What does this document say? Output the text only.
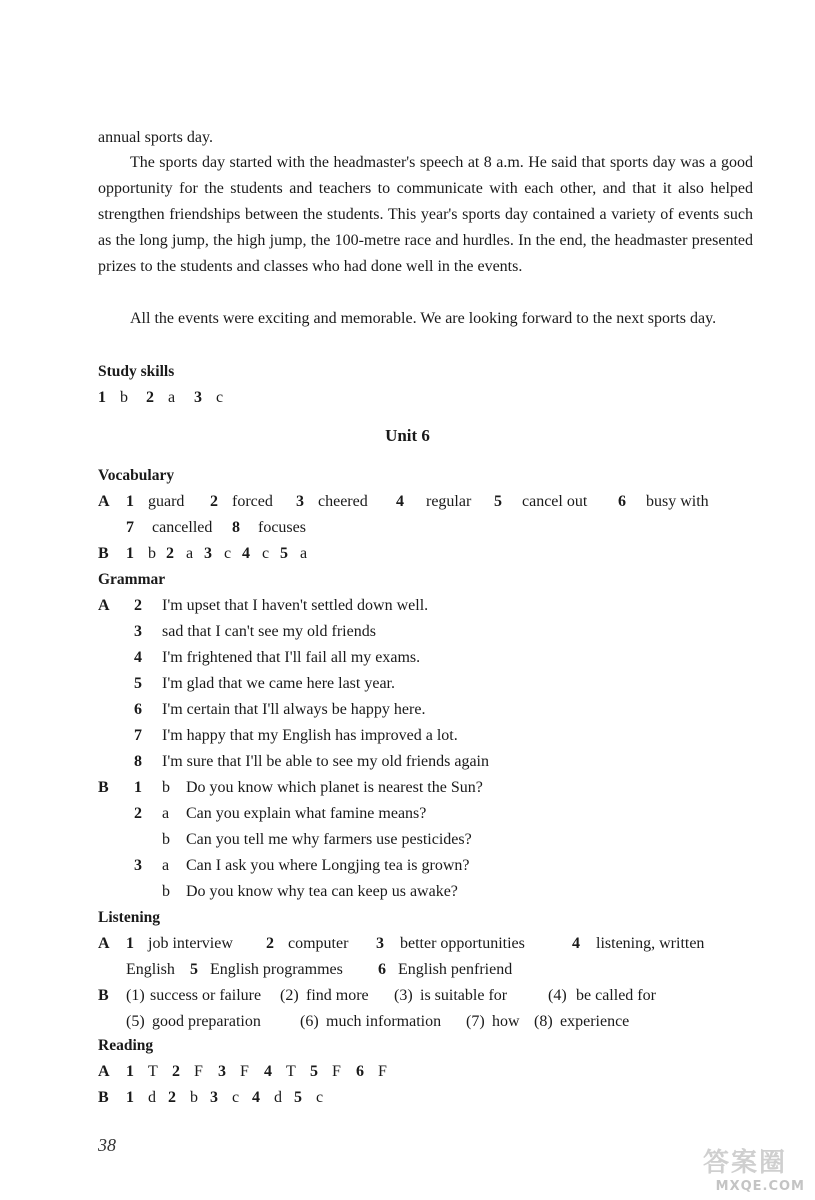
annual sports day.
The sports day started with the headmaster's speech at 8 a.m. He said that sports day was a good opportunity for the students and teachers to communicate with each other, and that it also helped strengthen friendships between the students. This year's sports day contained a variety of events such as the long jump, the high jump, the 100-metre race and hurdles. In the end, the headmaster presented prizes to the students and classes who had done well in the events.
All the events were exciting and memorable. We are looking forward to the next sports day.
Study skills
1 b 2 a 3 c
Unit 6
Vocabulary
A 1 guard 2 forced 3 cheered 4 regular 5 cancel out 6 busy with
7 cancelled 8 focuses
B 1 b 2 a 3 c 4 c 5 a
Grammar
A 2 I'm upset that I haven't settled down well.
3 sad that I can't see my old friends
4 I'm frightened that I'll fail all my exams.
5 I'm glad that we came here last year.
6 I'm certain that I'll always be happy here.
7 I'm happy that my English has improved a lot.
8 I'm sure that I'll be able to see my old friends again
B 1 b Do you know which planet is nearest the Sun?
2 a Can you explain what famine means?
b Can you tell me why farmers use pesticides?
3 a Can I ask you where Longjing tea is grown?
b Do you know why tea can keep us awake?
Listening
A 1 job interview 2 computer 3 better opportunities	4 listening, written
English 5 English programmes 6 English penfriend
B (1) success or failure (2) find more (3) is suitable for	(4) be called for
(5) good preparation (6) much information (7) how (8) experience
Reading
A 1 T 2 F 3 F 4 T 5 F 6 F
B 1 d 2 b 3 c 4 d 5 c
38
答案圈
MXQE.COM
